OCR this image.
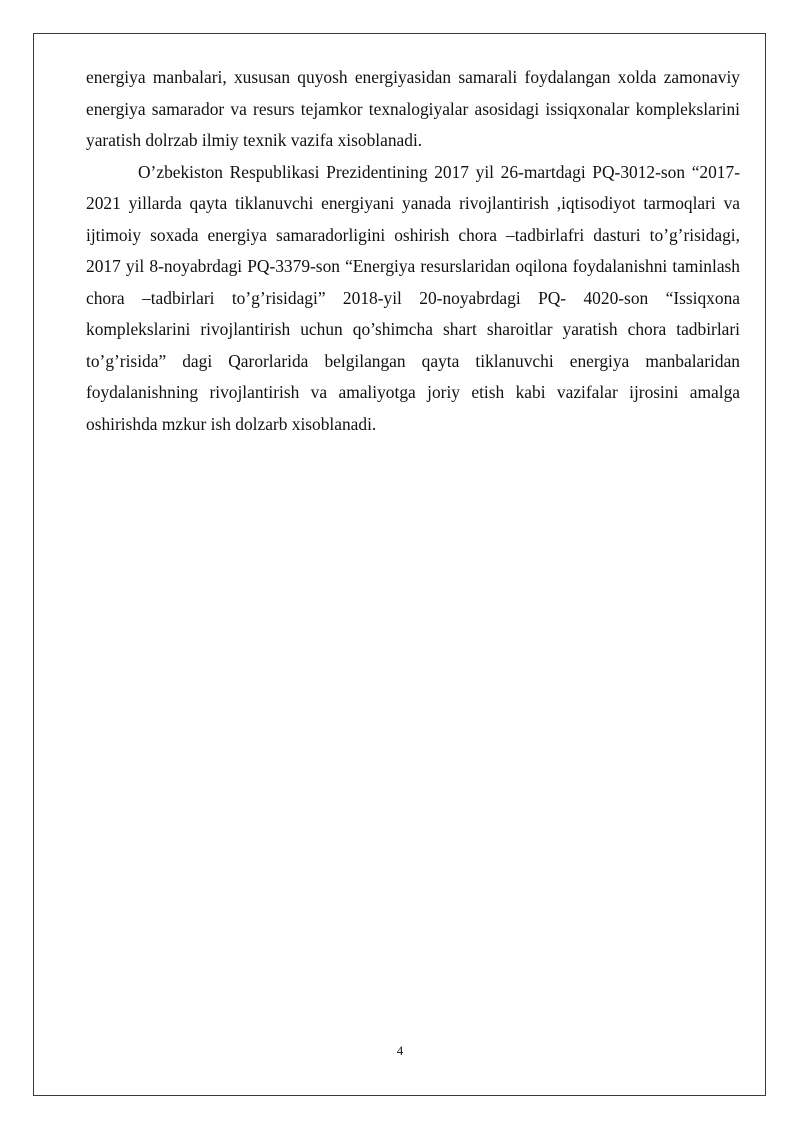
energiya manbalari, xususan quyosh energiyasidan samarali foydalangan xolda zamonaviy energiya samarador va resurs tejamkor texnalogiyalar asosidagi issiqxonalar komplekslarini yaratish dolrzab ilmiy texnik vazifa xisoblanadi.

O’zbekiston Respublikasi Prezidentining 2017 yil 26-martdagi PQ-3012-son “2017-2021 yillarda qayta tiklanuvchi energiyani yanada rivojlantirish ,iqtisodiyot tarmoqlari va ijtimoiy soxada energiya samaradorligini oshirish chora –tadbirlafri dasturi to’g’risidagi, 2017 yil 8-noyabrdagi PQ-3379-son “Energiya resurslaridan oqilona foydalanishni taminlash chora –tadbirlari to’g’risidagi” 2018-yil 20-noyabrdagi PQ- 4020-son “Issiqxona komplekslarini rivojlantirish uchun qo’shimcha shart sharoitlar yaratish chora tadbirlari to’g’risida” dagi Qarorlarida belgilangan qayta tiklanuvchi energiya manbalaridan foydalanishning rivojlantirish va amaliyotga joriy etish kabi vazifalar ijrosini amalga oshirishda mzkur ish dolzarb xisoblanadi.

4
